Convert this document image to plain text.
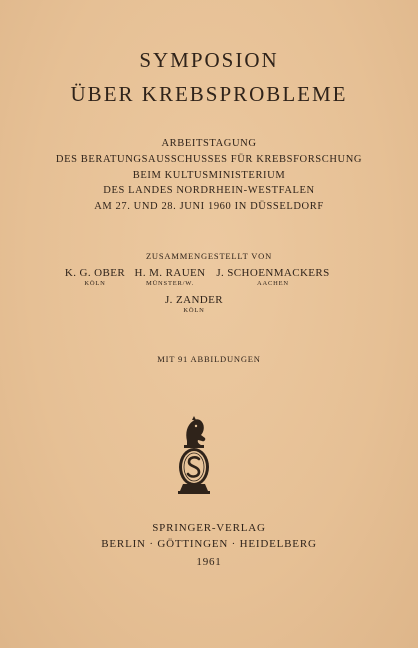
SYMPOSION
ÜBER KREBSPROBLEME
ARBEITSTAGUNG
DES BERATUNGSAUSSCHUSSES FÜR KREBSFORSCHUNG
BEIM KULTUSMINISTERIUM
DES LANDES NORDRHEIN-WESTFALEN
AM 27. UND 28. JUNI 1960 IN DÜSSELDORF
ZUSAMMENGESTELLT VON
K. G. OBER
KÖLN
H. M. RAUEN
MÜNSTER/W.
J. SCHOENMACKERS
AACHEN
J. ZANDER
KÖLN
MIT 91 ABBILDUNGEN
SPRINGER-VERLAG
BERLIN · GÖTTINGEN · HEIDELBERG
1961
